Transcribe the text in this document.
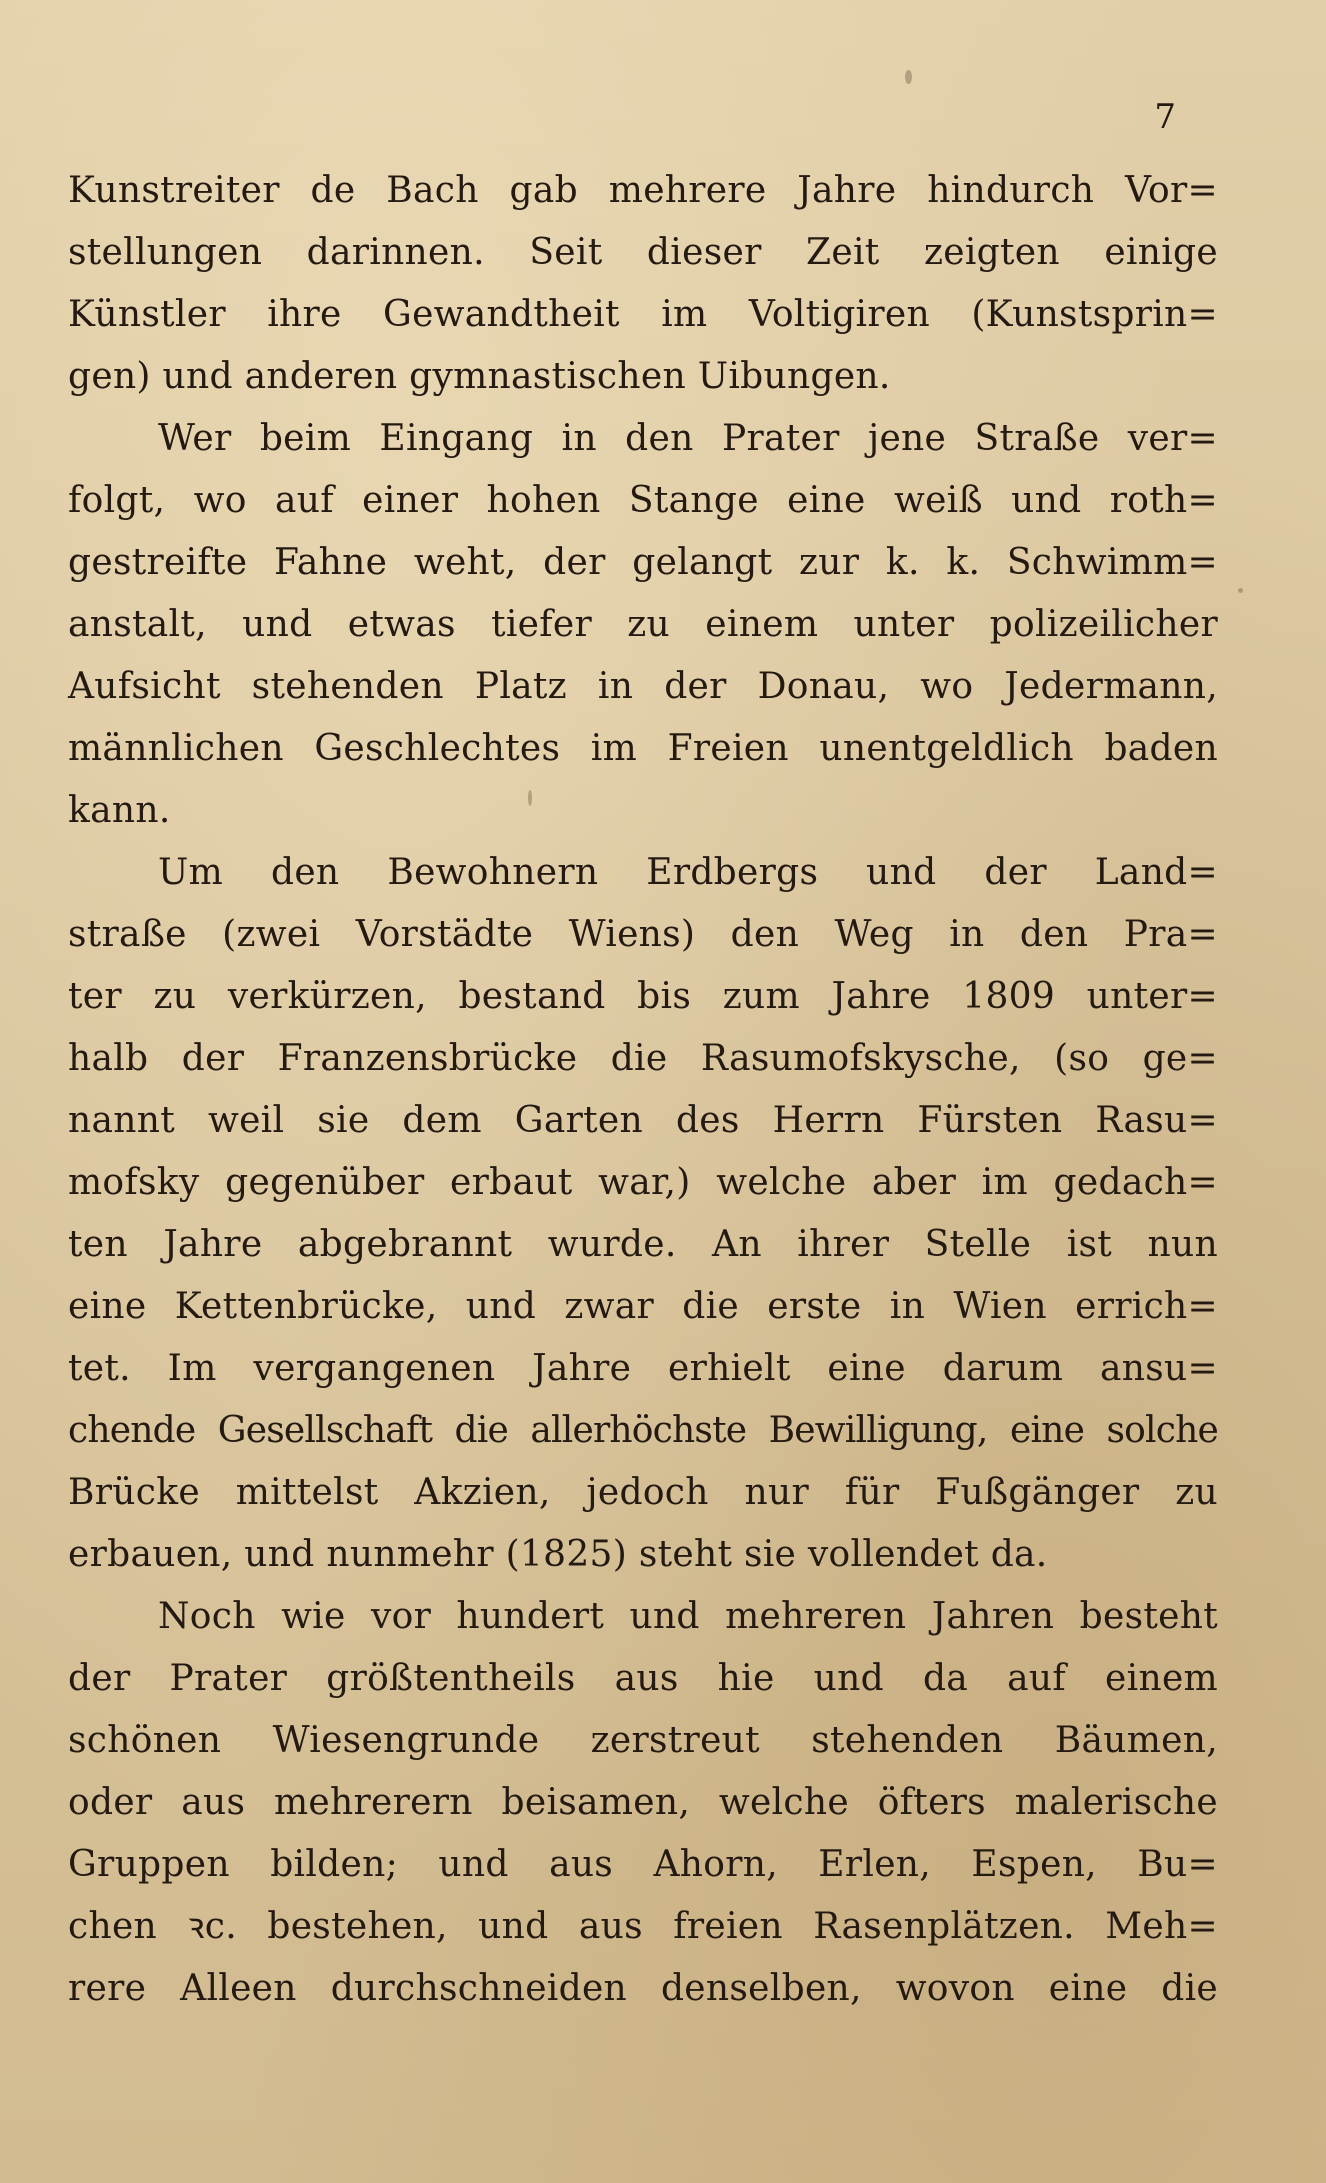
7
Kunstreiter de Bach gab mehrere Jahre hindurch Vor=
stellungen darinnen. Seit dieser Zeit zeigten einige
Künstler ihre Gewandtheit im Voltigiren (Kunstsprin=
gen) und anderen gymnastischen Uibungen.
Wer beim Eingang in den Prater jene Straße ver=
folgt, wo auf einer hohen Stange eine weiß und roth=
gestreifte Fahne weht, der gelangt zur k. k. Schwimm=
anstalt, und etwas tiefer zu einem unter polizeilicher
Aufsicht stehenden Platz in der Donau, wo Jedermann,
männlichen Geschlechtes im Freien unentgeldlich baden
kann.
Um den Bewohnern Erdbergs und der Land=
straße (zwei Vorstädte Wiens) den Weg in den Pra=
ter zu verkürzen, bestand bis zum Jahre 1809 unter=
halb der Franzensbrücke die Rasumofskysche, (so ge=
nannt weil sie dem Garten des Herrn Fürsten Rasu=
mofsky gegenüber erbaut war,) welche aber im gedach=
ten Jahre abgebrannt wurde. An ihrer Stelle ist nun
eine Kettenbrücke, und zwar die erste in Wien errich=
tet. Im vergangenen Jahre erhielt eine darum ansu=
chende Gesellschaft die allerhöchste Bewilligung, eine solche
Brücke mittelst Akzien, jedoch nur für Fußgänger zu
erbauen, und nunmehr (1825) steht sie vollendet da.
Noch wie vor hundert und mehreren Jahren besteht
der Prater größtentheils aus hie und da auf einem
schönen Wiesengrunde zerstreut stehenden Bäumen,
oder aus mehrerern beisamen, welche öfters malerische
Gruppen bilden; und aus Ahorn, Erlen, Espen, Bu=
chen ꝛc. bestehen, und aus freien Rasenplätzen. Meh=
rere Alleen durchschneiden denselben, wovon eine die
